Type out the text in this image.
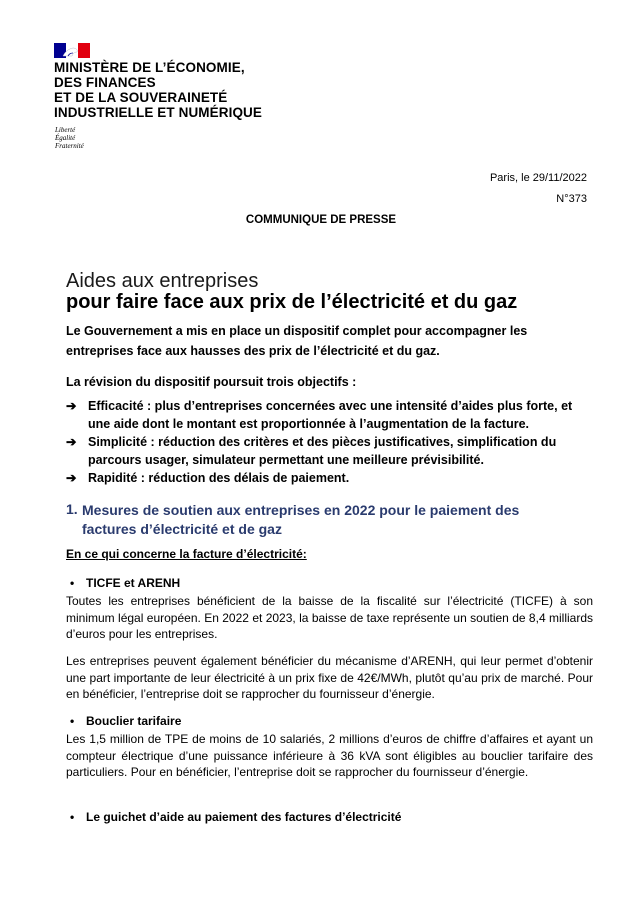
MINISTÈRE DE L’ÉCONOMIE,
DES FINANCES
ET DE LA SOUVERAINETÉ
INDUSTRIELLE ET NUMÉRIQUE
Liberté
Égalité
Fraternité
Paris, le 29/11/2022
N°373
COMMUNIQUE DE PRESSE
Aides aux entreprises
pour faire face aux prix de l’électricité et du gaz
Le Gouvernement a mis en place un dispositif complet pour accompagner les entreprises face aux hausses des prix de l’électricité et du gaz.
La révision du dispositif poursuit trois objectifs :
➔ Efficacité : plus d’entreprises concernées avec une intensité d’aides plus forte, et une aide dont le montant est proportionnée à l’augmentation de la facture.
➔ Simplicité : réduction des critères et des pièces justificatives, simplification du parcours usager, simulateur permettant une meilleure prévisibilité.
➔ Rapidité : réduction des délais de paiement.
1. Mesures de soutien aux entreprises en 2022 pour le paiement des factures d’électricité et de gaz
En ce qui concerne la facture d’électricité:
• TICFE et ARENH
Toutes les entreprises bénéficient de la baisse de la fiscalité sur l’électricité (TICFE) à son minimum légal européen. En 2022 et 2023, la baisse de taxe représente un soutien de 8,4 milliards d’euros pour les entreprises.
Les entreprises peuvent également bénéficier du mécanisme d’ARENH, qui leur permet d’obtenir une part importante de leur électricité à un prix fixe de 42€/MWh, plutôt qu’au prix de marché. Pour en bénéficier, l’entreprise doit se rapprocher du fournisseur d’énergie.
• Bouclier tarifaire
Les 1,5 million de TPE de moins de 10 salariés, 2 millions d’euros de chiffre d’affaires et ayant un compteur électrique d’une puissance inférieure à 36 kVA sont éligibles au bouclier tarifaire des particuliers. Pour en bénéficier, l’entreprise doit se rapprocher du fournisseur d’énergie.
• Le guichet d’aide au paiement des factures d’électricité
